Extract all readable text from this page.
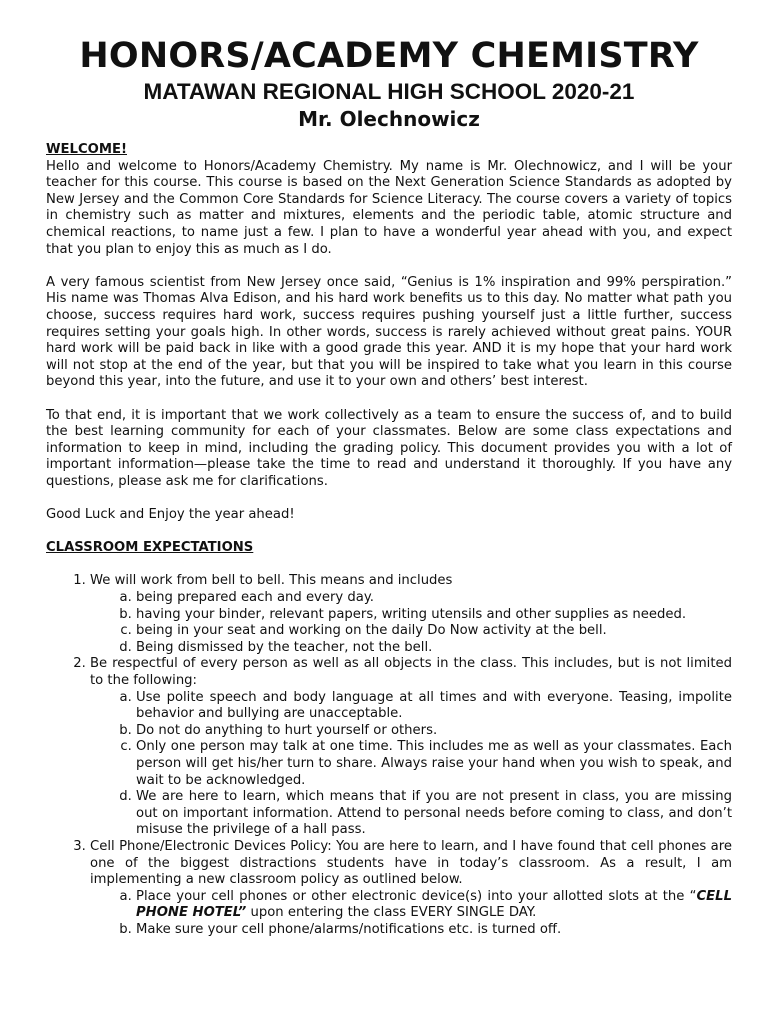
HONORS/ACADEMY CHEMISTRY
MATAWAN REGIONAL HIGH SCHOOL 2020-21
Mr. Olechnowicz
WELCOME!

Hello and welcome to Honors/Academy Chemistry. My name is Mr. Olechnowicz, and I will be your teacher for this course. This course is based on the Next Generation Science Standards as adopted by New Jersey and the Common Core Standards for Science Literacy. The course covers a variety of topics in chemistry such as matter and mixtures, elements and the periodic table, atomic structure and chemical reactions, to name just a few. I plan to have a wonderful year ahead with you, and expect that you plan to enjoy this as much as I do.

A very famous scientist from New Jersey once said, “Genius is 1% inspiration and 99% perspiration.” His name was Thomas Alva Edison, and his hard work benefits us to this day. No matter what path you choose, success requires hard work, success requires pushing yourself just a little further, success requires setting your goals high. In other words, success is rarely achieved without great pains. YOUR hard work will be paid back in like with a good grade this year. AND it is my hope that your hard work will not stop at the end of the year, but that you will be inspired to take what you learn in this course beyond this year, into the future, and use it to your own and others’ best interest.

To that end, it is important that we work collectively as a team to ensure the success of, and to build the best learning community for each of your classmates. Below are some class expectations and information to keep in mind, including the grading policy. This document provides you with a lot of important information—please take the time to read and understand it thoroughly. If you have any questions, please ask me for clarifications.

Good Luck and Enjoy the year ahead!

CLASSROOM EXPECTATIONS
1. We will work from bell to bell. This means and includes
a. being prepared each and every day.
b. having your binder, relevant papers, writing utensils and other supplies as needed.
c. being in your seat and working on the daily Do Now activity at the bell.
d. Being dismissed by the teacher, not the bell.
2. Be respectful of every person as well as all objects in the class. This includes, but is not limited to the following:
a. Use polite speech and body language at all times and with everyone. Teasing, impolite behavior and bullying are unacceptable.
b. Do not do anything to hurt yourself or others.
c. Only one person may talk at one time. This includes me as well as your classmates. Each person will get his/her turn to share. Always raise your hand when you wish to speak, and wait to be acknowledged.
d. We are here to learn, which means that if you are not present in class, you are missing out on important information. Attend to personal needs before coming to class, and don’t misuse the privilege of a hall pass.
3. Cell Phone/Electronic Devices Policy: You are here to learn, and I have found that cell phones are one of the biggest distractions students have in today’s classroom. As a result, I am implementing a new classroom policy as outlined below.
a. Place your cell phones or other electronic device(s) into your allotted slots at the “CELL PHONE HOTEL” upon entering the class EVERY SINGLE DAY.
b. Make sure your cell phone/alarms/notifications etc. is turned off.
